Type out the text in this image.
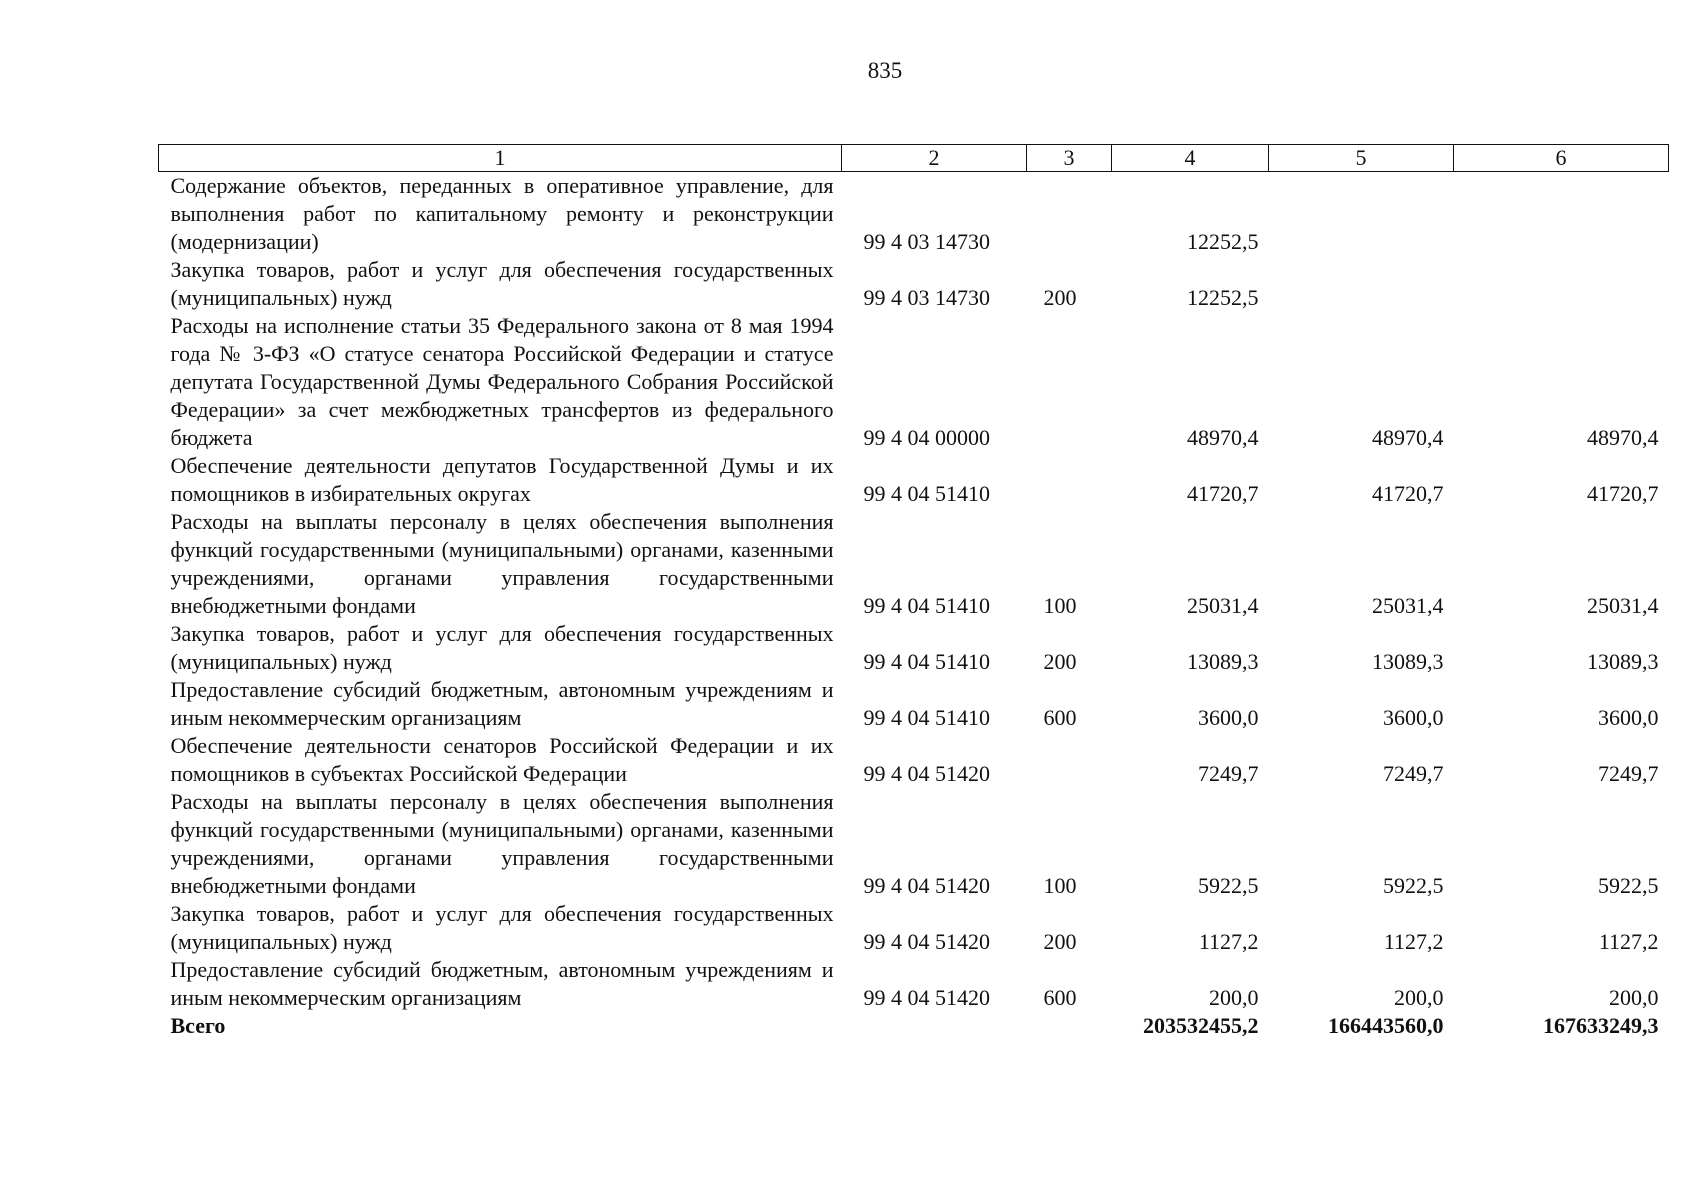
835
1	2	3	4	5	6
Содержание объектов, переданных в оперативное управление, для выполнения работ по капитальному ремонту и реконструкции (модернизации)	99 4 03 14730		12252,5		
Закупка товаров, работ и услуг для обеспечения государственных (муниципальных) нужд	99 4 03 14730	200	12252,5		
Расходы на исполнение статьи 35 Федерального закона от 8 мая 1994 года № 3-ФЗ «О статусе сенатора Российской Федерации и статусе депутата Государственной Думы Федерального Собрания Российской Федерации» за счет межбюджетных трансфертов из федерального бюджета	99 4 04 00000		48970,4	48970,4	48970,4
Обеспечение деятельности депутатов Государственной Думы и их помощников в избирательных округах	99 4 04 51410		41720,7	41720,7	41720,7
Расходы на выплаты персоналу в целях обеспечения выполнения функций государственными (муниципальными) органами, казенными учреждениями, органами управления государственными внебюджетными фондами	99 4 04 51410	100	25031,4	25031,4	25031,4
Закупка товаров, работ и услуг для обеспечения государственных (муниципальных) нужд	99 4 04 51410	200	13089,3	13089,3	13089,3
Предоставление субсидий бюджетным, автономным учреждениям и иным некоммерческим организациям	99 4 04 51410	600	3600,0	3600,0	3600,0
Обеспечение деятельности сенаторов Российской Федерации и их помощников в субъектах Российской Федерации	99 4 04 51420		7249,7	7249,7	7249,7
Расходы на выплаты персоналу в целях обеспечения выполнения функций государственными (муниципальными) органами, казенными учреждениями, органами управления государственными внебюджетными фондами	99 4 04 51420	100	5922,5	5922,5	5922,5
Закупка товаров, работ и услуг для обеспечения государственных (муниципальных) нужд	99 4 04 51420	200	1127,2	1127,2	1127,2
Предоставление субсидий бюджетным, автономным учреждениям и иным некоммерческим организациям	99 4 04 51420	600	200,0	200,0	200,0
Всего			203532455,2	166443560,0	167633249,3
